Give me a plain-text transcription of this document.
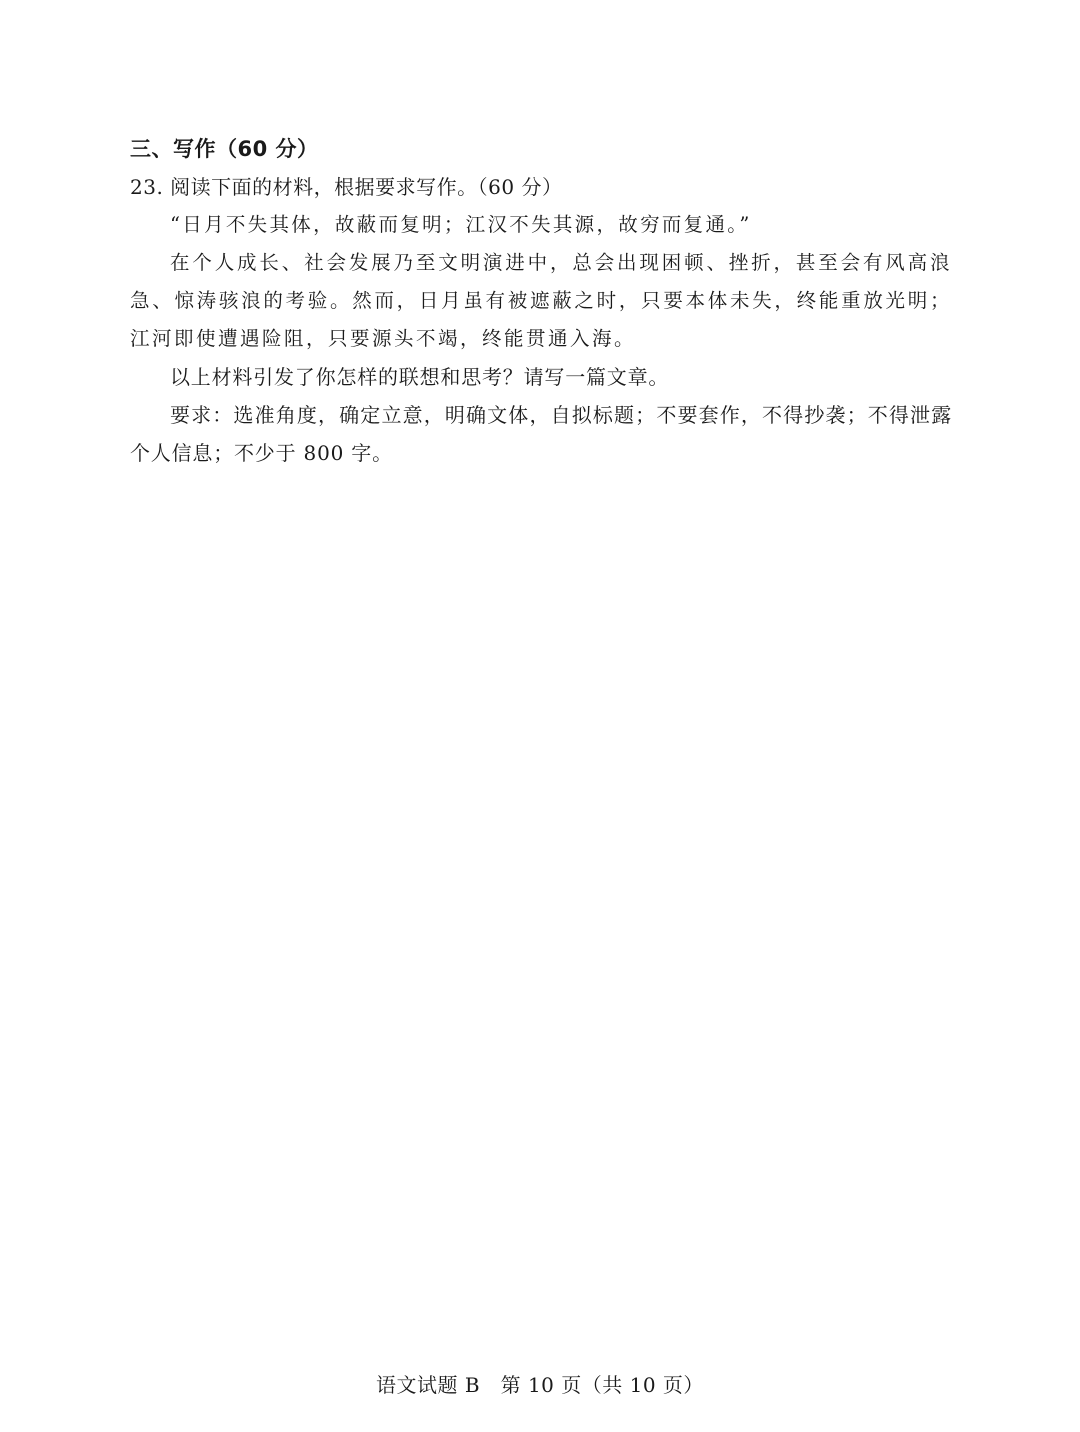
三、写作（60 分）

23. 阅读下面的材料，根据要求写作。（60 分）

“日月不失其体，故蔽而复明；江汉不失其源，故穷而复通。”

在个人成长、社会发展乃至文明演进中，总会出现困顿、挫折，甚至会有风高浪急、惊涛骇浪的考验。然而，日月虽有被遮蔽之时，只要本体未失，终能重放光明；江河即使遭遇险阻，只要源头不竭，终能贯通入海。

以上材料引发了你怎样的联想和思考？请写一篇文章。

要求：选准角度，确定立意，明确文体，自拟标题；不要套作，不得抄袭；不得泄露个人信息；不少于 800 字。

语文试题 B　第 10 页（共 10 页）
